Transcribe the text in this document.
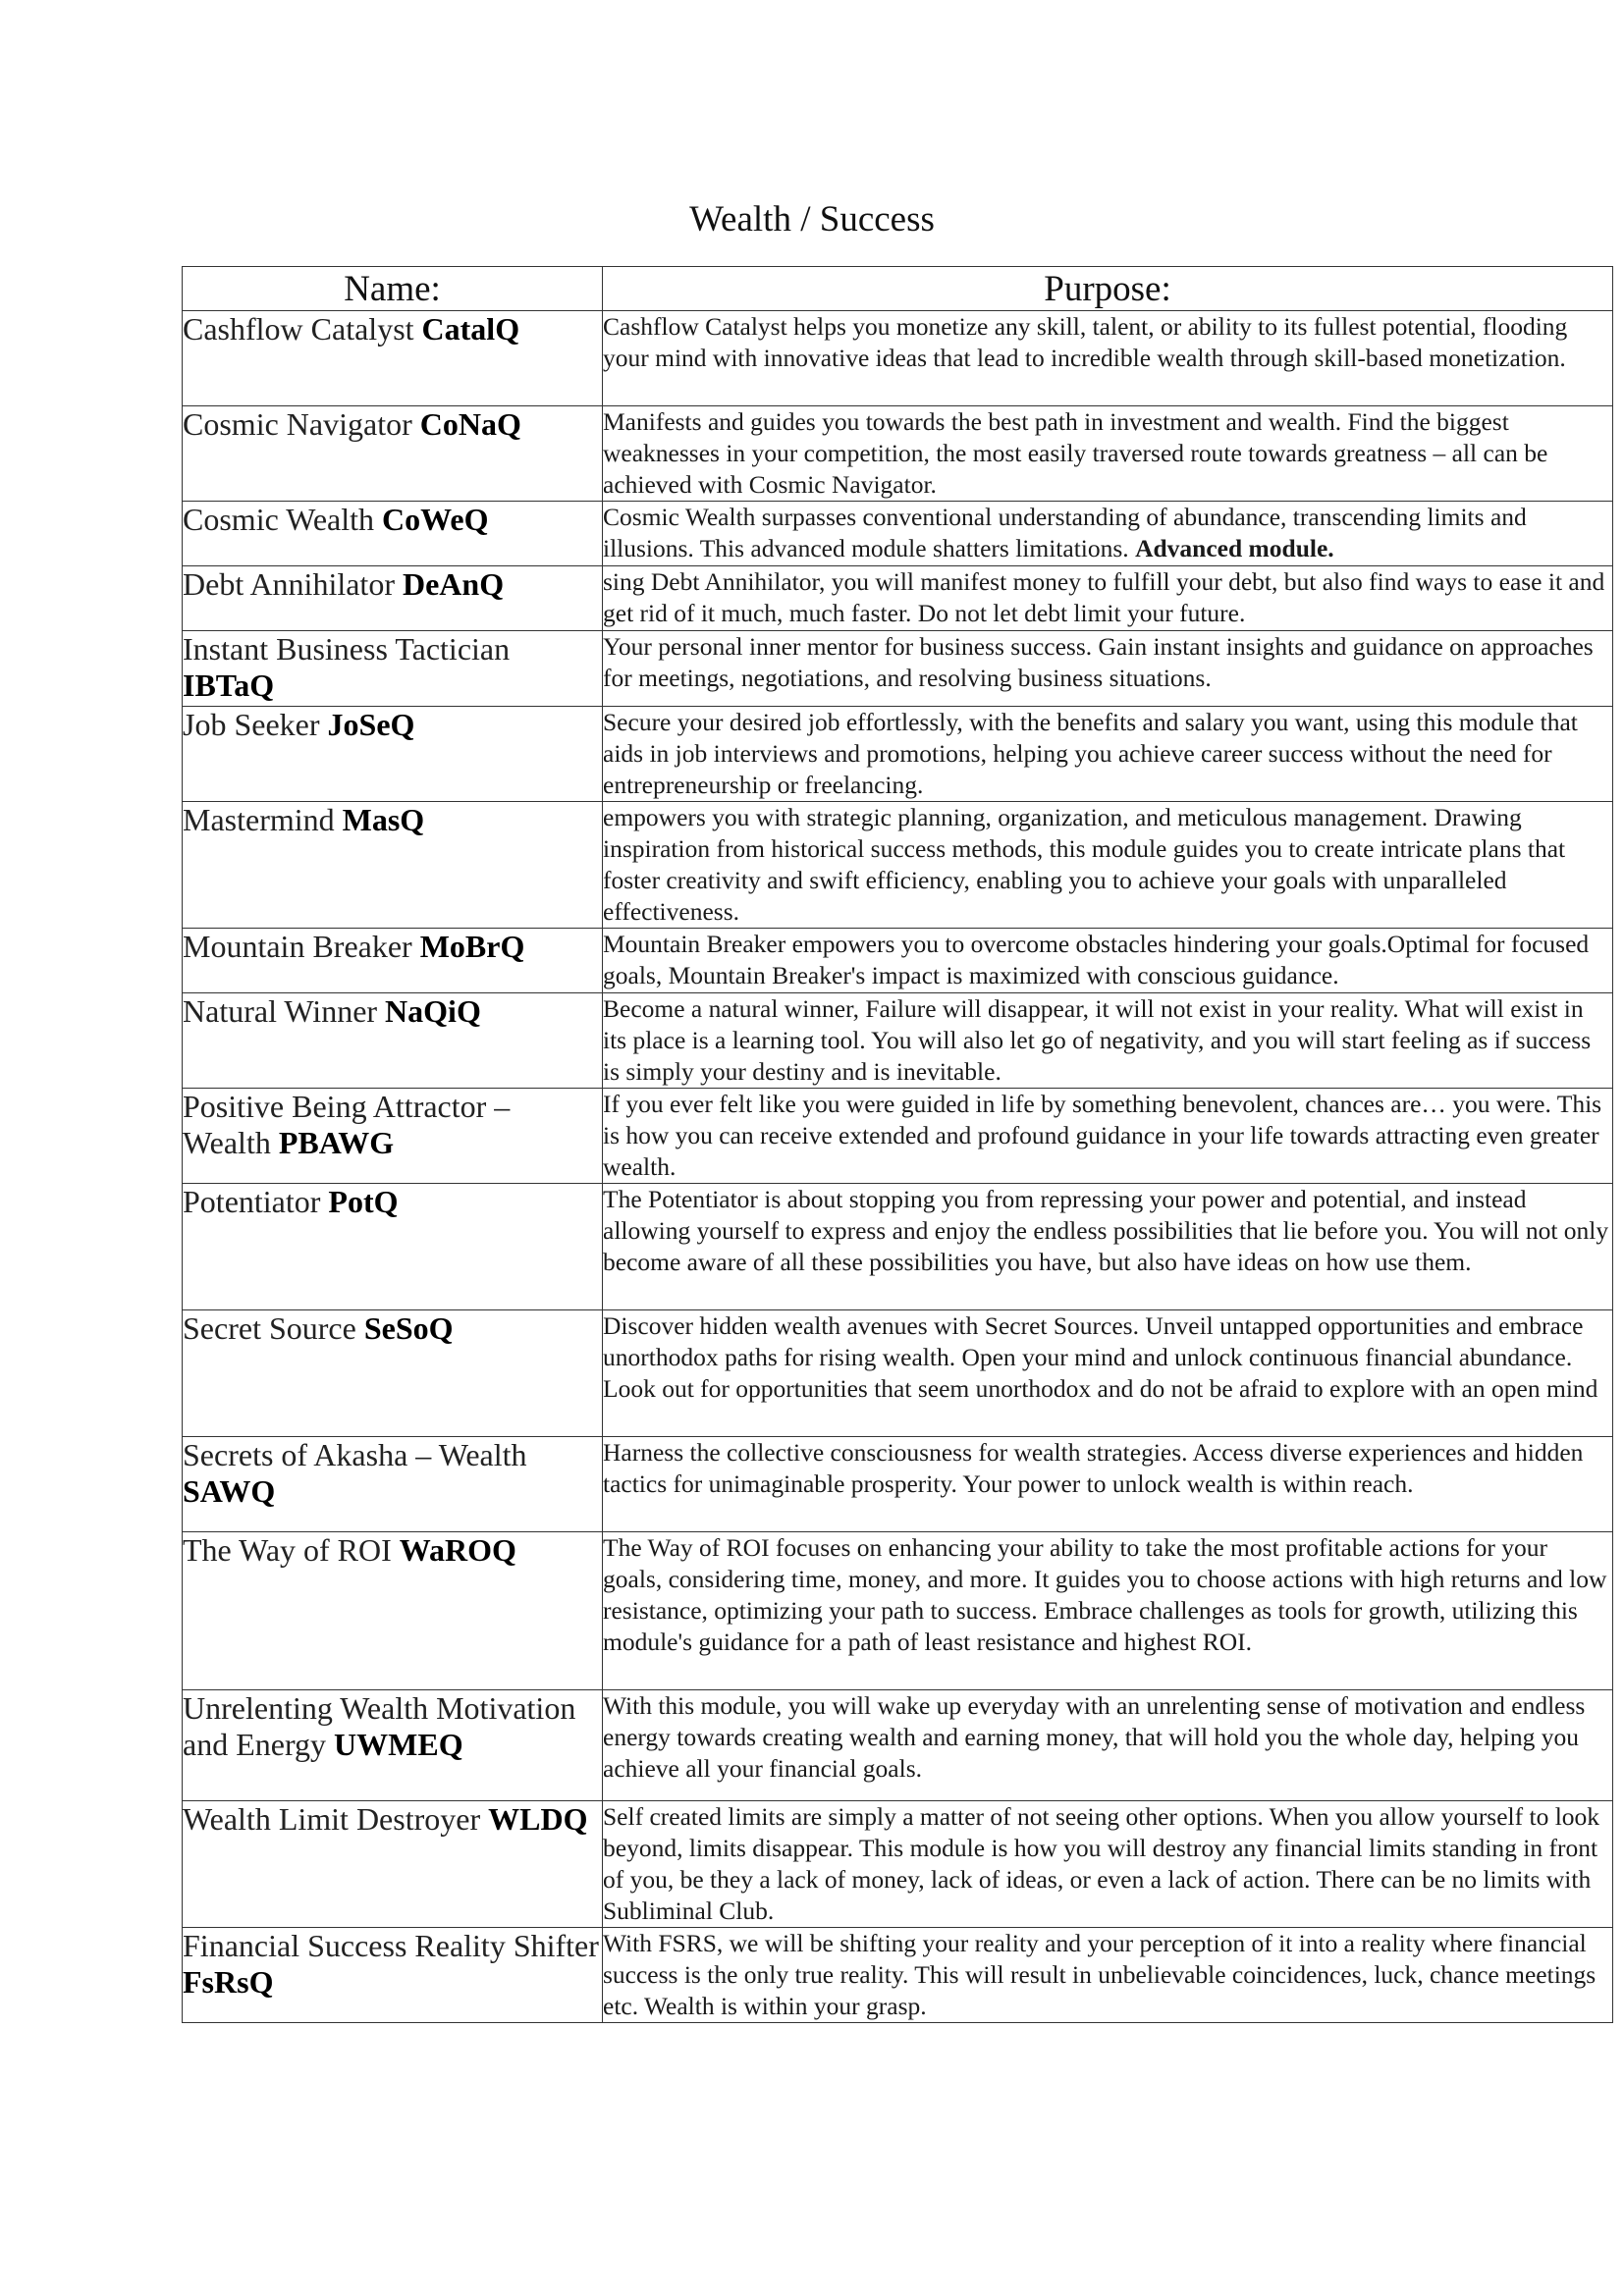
Wealth / Success
Name:	Purpose:
Cashflow Catalyst CatalQ	Cashflow Catalyst helps you monetize any skill, talent, or ability to its fullest potential, flooding your mind with innovative ideas that lead to incredible wealth through skill-based monetization.
Cosmic Navigator CoNaQ	Manifests and guides you towards the best path in investment and wealth. Find the biggest weaknesses in your competition, the most easily traversed route towards greatness – all can be achieved with Cosmic Navigator.
Cosmic Wealth CoWeQ	Cosmic Wealth surpasses conventional understanding of abundance, transcending limits and illusions. This advanced module shatters limitations. Advanced module.
Debt Annihilator DeAnQ	sing Debt Annihilator, you will manifest money to fulfill your debt, but also find ways to ease it and get rid of it much, much faster. Do not let debt limit your future.
Instant Business Tactician IBTaQ	Your personal inner mentor for business success. Gain instant insights and guidance on approaches for meetings, negotiations, and resolving business situations.
Job Seeker JoSeQ	Secure your desired job effortlessly, with the benefits and salary you want, using this module that aids in job interviews and promotions, helping you achieve career success without the need for entrepreneurship or freelancing.
Mastermind MasQ	empowers you with strategic planning, organization, and meticulous management. Drawing inspiration from historical success methods, this module guides you to create intricate plans that foster creativity and swift efficiency, enabling you to achieve your goals with unparalleled effectiveness.
Mountain Breaker MoBrQ	Mountain Breaker empowers you to overcome obstacles hindering your goals.Optimal for focused goals, Mountain Breaker's impact is maximized with conscious guidance.
Natural Winner NaQiQ	Become a natural winner, Failure will disappear, it will not exist in your reality. What will exist in its place is a learning tool. You will also let go of negativity, and you will start feeling as if success is simply your destiny and is inevitable.
Positive Being Attractor – Wealth PBAWG	If you ever felt like you were guided in life by something benevolent, chances are… you were. This is how you can receive extended and profound guidance in your life towards attracting even greater wealth.
Potentiator PotQ	The Potentiator is about stopping you from repressing your power and potential, and instead allowing yourself to express and enjoy the endless possibilities that lie before you. You will not only become aware of all these possibilities you have, but also have ideas on how use them.
Secret Source SeSoQ	Discover hidden wealth avenues with Secret Sources. Unveil untapped opportunities and embrace unorthodox paths for rising wealth. Open your mind and unlock continuous financial abundance. Look out for opportunities that seem unorthodox and do not be afraid to explore with an open mind
Secrets of Akasha – Wealth SAWQ	Harness the collective consciousness for wealth strategies. Access diverse experiences and hidden tactics for unimaginable prosperity. Your power to unlock wealth is within reach.
The Way of ROI WaROQ	The Way of ROI focuses on enhancing your ability to take the most profitable actions for your goals, considering time, money, and more. It guides you to choose actions with high returns and low resistance, optimizing your path to success. Embrace challenges as tools for growth, utilizing this module's guidance for a path of least resistance and highest ROI.
Unrelenting Wealth Motivation and Energy UWMEQ	With this module, you will wake up everyday with an unrelenting sense of motivation and endless energy towards creating wealth and earning money, that will hold you the whole day, helping you achieve all your financial goals.
Wealth Limit Destroyer WLDQ	Self created limits are simply a matter of not seeing other options. When you allow yourself to look beyond, limits disappear. This module is how you will destroy any financial limits standing in front of you, be they a lack of money, lack of ideas, or even a lack of action. There can be no limits with Subliminal Club.
Financial Success Reality Shifter FsRsQ	With FSRS, we will be shifting your reality and your perception of it into a reality where financial success is the only true reality. This will result in unbelievable coincidences, luck, chance meetings etc. Wealth is within your grasp.
